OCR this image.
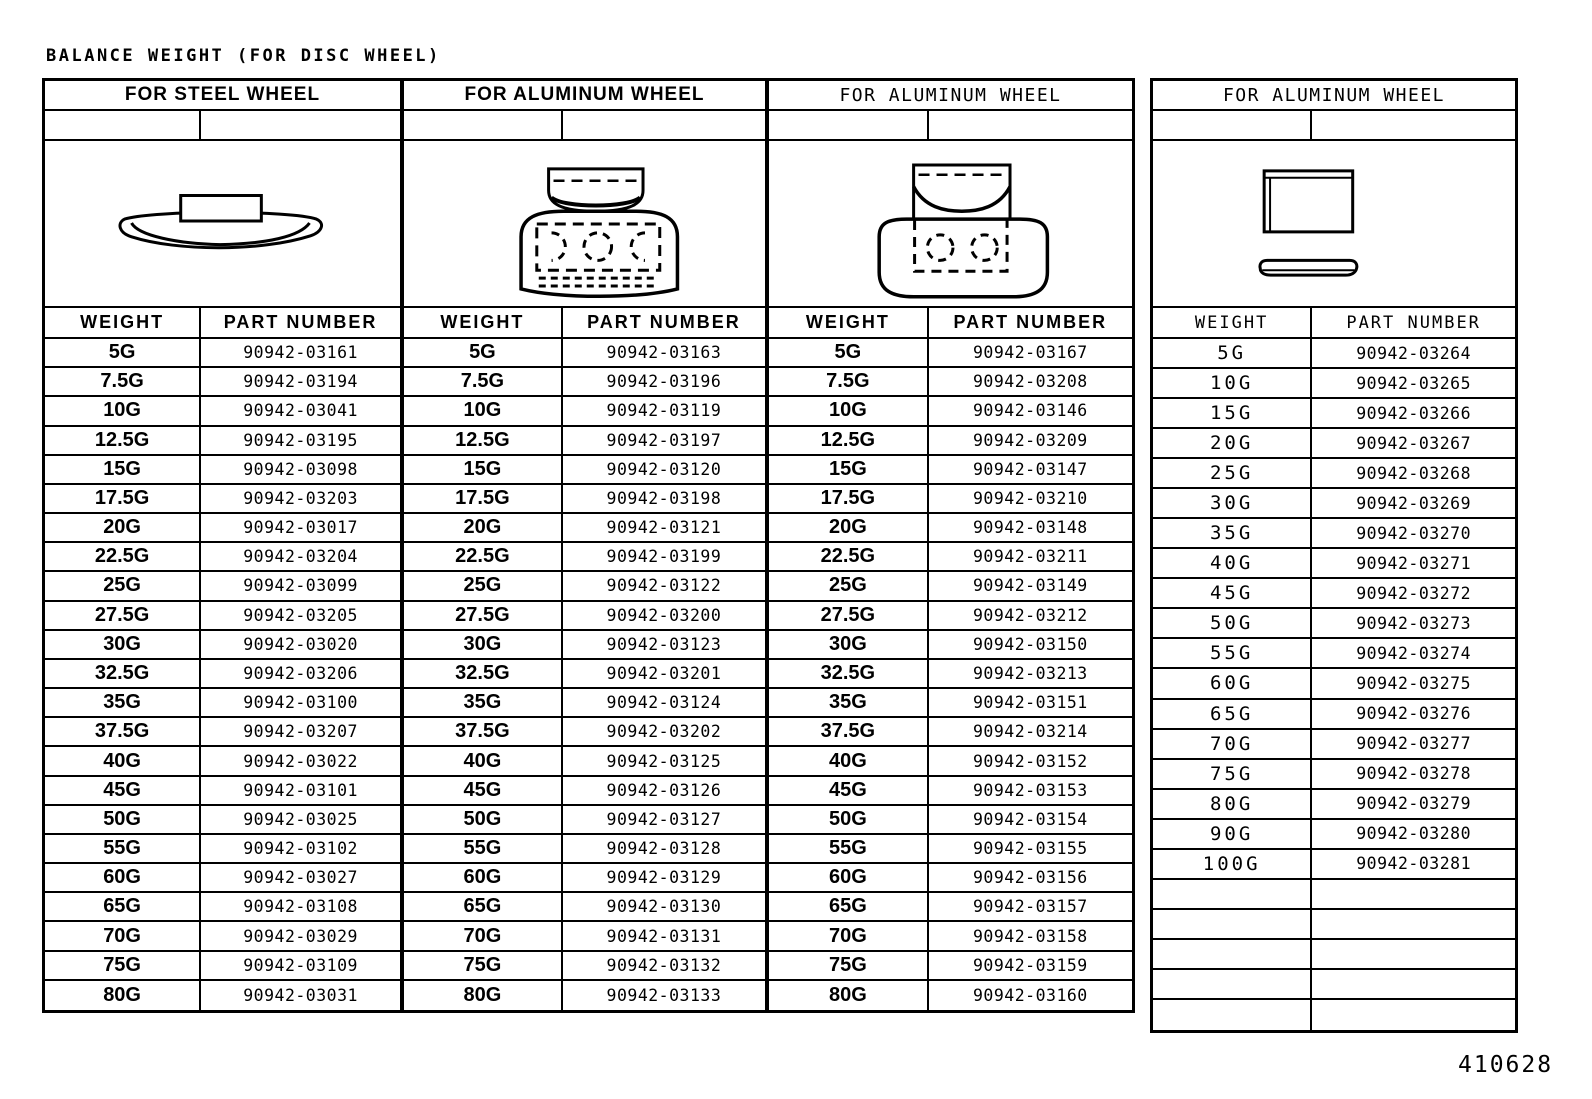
BALANCE WEIGHT (FOR DISC WHEEL)
FOR STEEL WHEEL
WEIGHT	PART NUMBER
5G	90942-03161
7.5G	90942-03194
10G	90942-03041
12.5G	90942-03195
15G	90942-03098
17.5G	90942-03203
20G	90942-03017
22.5G	90942-03204
25G	90942-03099
27.5G	90942-03205
30G	90942-03020
32.5G	90942-03206
35G	90942-03100
37.5G	90942-03207
40G	90942-03022
45G	90942-03101
50G	90942-03025
55G	90942-03102
60G	90942-03027
65G	90942-03108
70G	90942-03029
75G	90942-03109
80G	90942-03031
FOR ALUMINUM WHEEL
WEIGHT	PART NUMBER
5G	90942-03163
7.5G	90942-03196
10G	90942-03119
12.5G	90942-03197
15G	90942-03120
17.5G	90942-03198
20G	90942-03121
22.5G	90942-03199
25G	90942-03122
27.5G	90942-03200
30G	90942-03123
32.5G	90942-03201
35G	90942-03124
37.5G	90942-03202
40G	90942-03125
45G	90942-03126
50G	90942-03127
55G	90942-03128
60G	90942-03129
65G	90942-03130
70G	90942-03131
75G	90942-03132
80G	90942-03133
FOR ALUMINUM WHEEL
WEIGHT	PART NUMBER
5G	90942-03167
7.5G	90942-03208
10G	90942-03146
12.5G	90942-03209
15G	90942-03147
17.5G	90942-03210
20G	90942-03148
22.5G	90942-03211
25G	90942-03149
27.5G	90942-03212
30G	90942-03150
32.5G	90942-03213
35G	90942-03151
37.5G	90942-03214
40G	90942-03152
45G	90942-03153
50G	90942-03154
55G	90942-03155
60G	90942-03156
65G	90942-03157
70G	90942-03158
75G	90942-03159
80G	90942-03160
FOR ALUMINUM WHEEL
WEIGHT	PART NUMBER
5G	90942-03264
10G	90942-03265
15G	90942-03266
20G	90942-03267
25G	90942-03268
30G	90942-03269
35G	90942-03270
40G	90942-03271
45G	90942-03272
50G	90942-03273
55G	90942-03274
60G	90942-03275
65G	90942-03276
70G	90942-03277
75G	90942-03278
80G	90942-03279
90G	90942-03280
100G	90942-03281
410628
